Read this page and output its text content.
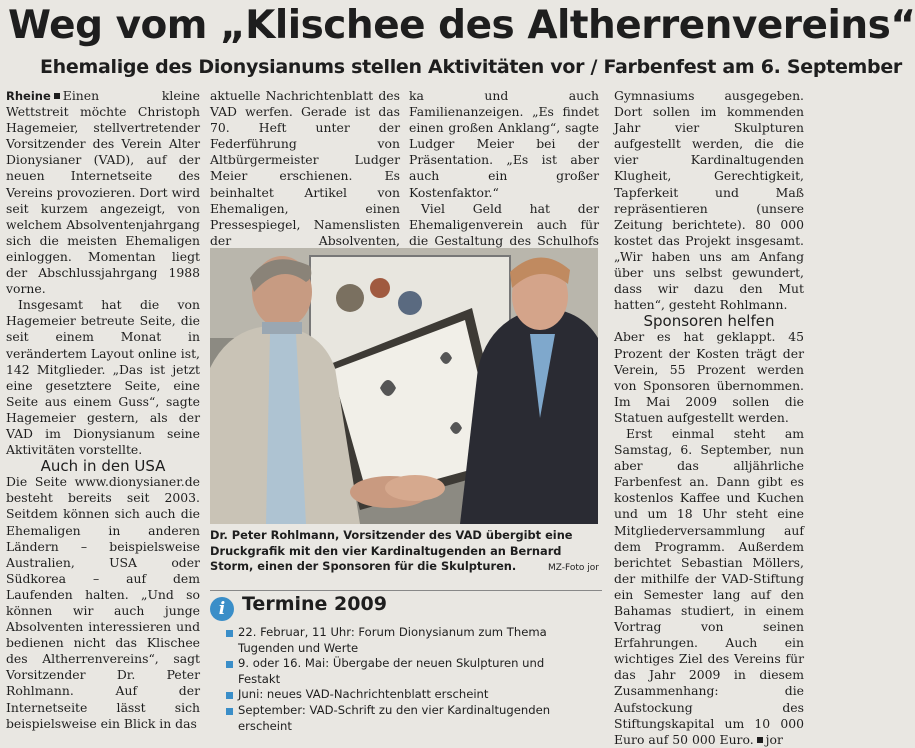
Weg vom „Klischee des Altherrenvereins“
Ehemalige des Dionysianums stellen Aktivitäten vor / Farbenfest am 6. September

Rheine Einen kleine Wettstreit möchte Christoph Hagemeier, stellvertretender Vorsitzender des Verein Alter Dionysianer (VAD), auf der neuen Internetseite des Vereins provozieren. Dort wird seit kurzem angezeigt, von welchem Absolventenjahrgang sich die meisten Ehemaligen einloggen. Momentan liegt der Abschlussjahrgang 1988 vorne.

Insgesamt hat die von Hagemeier betreute Seite, die seit einem Monat in verändertem Layout online ist, 142 Mitglieder. „Das ist jetzt eine gesetztere Seite, eine Seite aus einem Guss“, sagte Hagemeier gestern, als der VAD im Dionysianum seine Aktivitäten vorstellte.

Auch in den USA

Die Seite www.dionysianer.de besteht bereits seit 2003. Seitdem können sich auch die Ehemaligen in anderen Ländern – beispielsweise Australien, USA oder Südkorea – auf dem Laufenden halten. „Und so können wir auch junge Absolventen interessieren und bedienen nicht das Klischee des Altherrenvereins“, sagt Vorsitzender Dr. Peter Rohlmann. Auf der Internetseite lässt sich beispielsweise ein Blick in das

aktuelle Nachrichtenblatt des VAD werfen. Gerade ist das 70. Heft unter der Federführung von Altbürgermeister Ludger Meier erschienen. Es beinhaltet Artikel von Ehemaligen, einen Pressespiegel, Namenslisten der Absolventen,

ka und auch Familienanzeigen. „Es findet einen großen Anklang“, sagte Ludger Meier bei der Präsentation. „Es ist aber auch ein großer Kostenfaktor.“

Viel Geld hat der Ehemaligenverein auch für die Gestaltung des Schulhofs

Gymnasiums ausgegeben. Dort sollen im kommenden Jahr vier Skulpturen aufgestellt werden, die die vier Kardinaltugenden Klugheit, Gerechtigkeit, Tapferkeit und Maß repräsentieren (unsere Zeitung berichtete). 80 000 kostet das Projekt insgesamt. „Wir haben uns am Anfang über uns selbst gewundert, dass wir dazu den Mut hatten“, gesteht Rohlmann.

Sponsoren helfen

Aber es hat geklappt. 45 Prozent der Kosten trägt der Verein, 55 Prozent werden von Sponsoren übernommen. Im Mai 2009 sollen die Statuen aufgestellt werden.

Erst einmal steht am Samstag, 6. September, nun aber das alljährliche Farbenfest an. Dann gibt es kostenlos Kaffee und Kuchen und um 18 Uhr steht eine Mitgliederversammlung auf dem Programm. Außerdem berichtet Sebastian Möllers, der mithilfe der VAD-Stiftung ein Semester lang auf den Bahamas studiert, in einem Vortrag von seinen Erfahrungen. Auch ein wichtiges Ziel des Vereins für das Jahr 2009 in diesem Zusammenhang: die Aufstockung des Stiftungskapital um 10 000 Euro auf 50 000 Euro. jor

Dr. Peter Rohlmann, Vorsitzender des VAD übergibt eine Druckgrafik mit den vier Kardinaltugenden an Bernard Storm, einen der Sponsoren für die Skulpturen.	MZ-Foto jor
i Termine 2009
22. Februar, 11 Uhr: Forum Dionysianum zum Thema Tugenden und Werte
9. oder 16. Mai: Übergabe der neuen Skulpturen und Festakt
Juni: neues VAD-Nachrichtenblatt erscheint
September: VAD-Schrift zu den vier Kardinaltugenden erscheint
